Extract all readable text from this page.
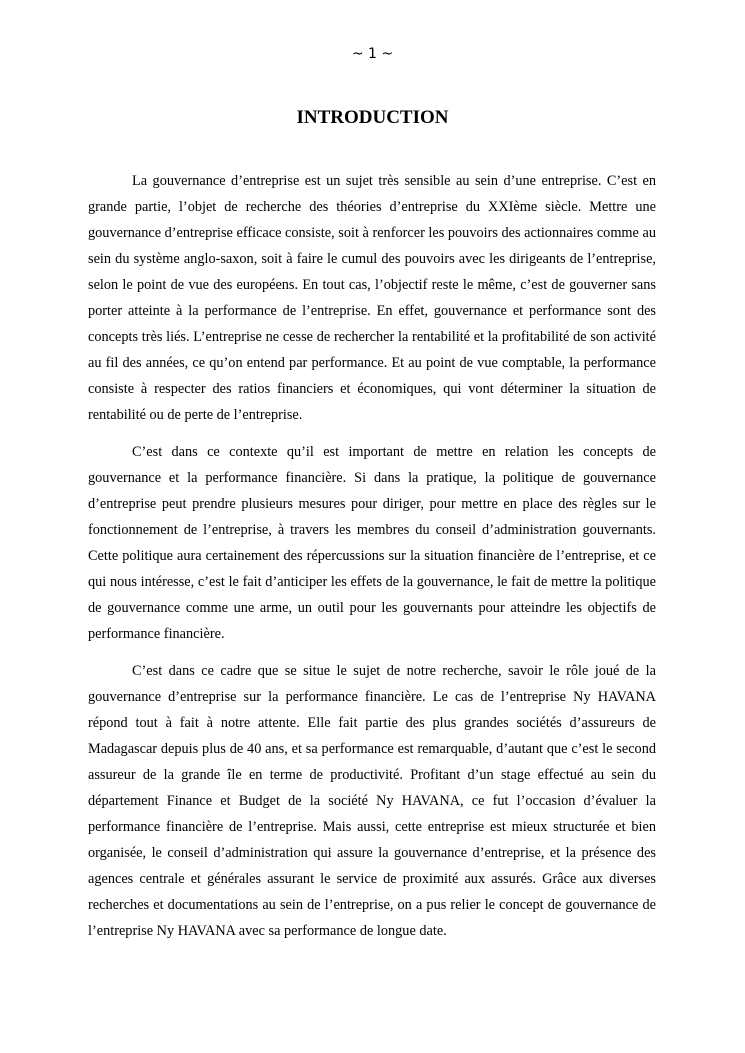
~ 1 ~
INTRODUCTION

La gouvernance d’entreprise est un sujet très sensible au sein d’une entreprise. C’est en grande partie, l’objet de recherche des théories d’entreprise du XXIème siècle. Mettre une gouvernance d’entreprise efficace consiste, soit à renforcer les pouvoirs des actionnaires comme au sein du système anglo-saxon, soit à faire le cumul des pouvoirs avec les dirigeants de l’entreprise, selon le point de vue des européens. En tout cas, l’objectif reste le même, c’est de gouverner sans porter atteinte à la performance de l’entreprise. En effet, gouvernance et performance sont des concepts très liés. L’entreprise ne cesse de rechercher la rentabilité et la profitabilité de son activité au fil des années, ce qu’on entend par performance. Et au point de vue comptable, la performance consiste à respecter des ratios financiers et économiques, qui vont déterminer la situation de rentabilité ou de perte de l’entreprise.

C’est dans ce contexte qu’il est important de mettre en relation les concepts de gouvernance et la performance financière. Si dans la pratique, la politique de gouvernance d’entreprise peut prendre plusieurs mesures pour diriger, pour mettre en place des règles sur le fonctionnement de l’entreprise, à travers les membres du conseil d’administration gouvernants. Cette politique aura certainement des répercussions sur la situation financière de l’entreprise, et ce qui nous intéresse, c’est le fait d’anticiper les effets de la gouvernance, le fait de mettre la politique de gouvernance comme une arme, un outil pour les gouvernants pour atteindre les objectifs de performance financière.

C’est dans ce cadre que se situe le sujet de notre recherche, savoir le rôle joué de la gouvernance d’entreprise sur la performance financière. Le cas de l’entreprise Ny HAVANA répond tout à fait à notre attente. Elle fait partie des plus grandes sociétés d’assureurs de Madagascar depuis plus de 40 ans, et sa performance est remarquable, d’autant que c’est le second assureur de la grande île en terme de productivité. Profitant d’un stage effectué au sein du département Finance et Budget de la société Ny HAVANA, ce fut l’occasion d’évaluer la performance financière de l’entreprise. Mais aussi, cette entreprise est mieux structurée et bien organisée, le conseil d’administration qui assure la gouvernance d’entreprise, et la présence des agences centrale et générales assurant le service de proximité aux assurés. Grâce aux diverses recherches et documentations au sein de l’entreprise, on a pus relier le concept de gouvernance de l’entreprise Ny HAVANA avec sa performance de longue date.
